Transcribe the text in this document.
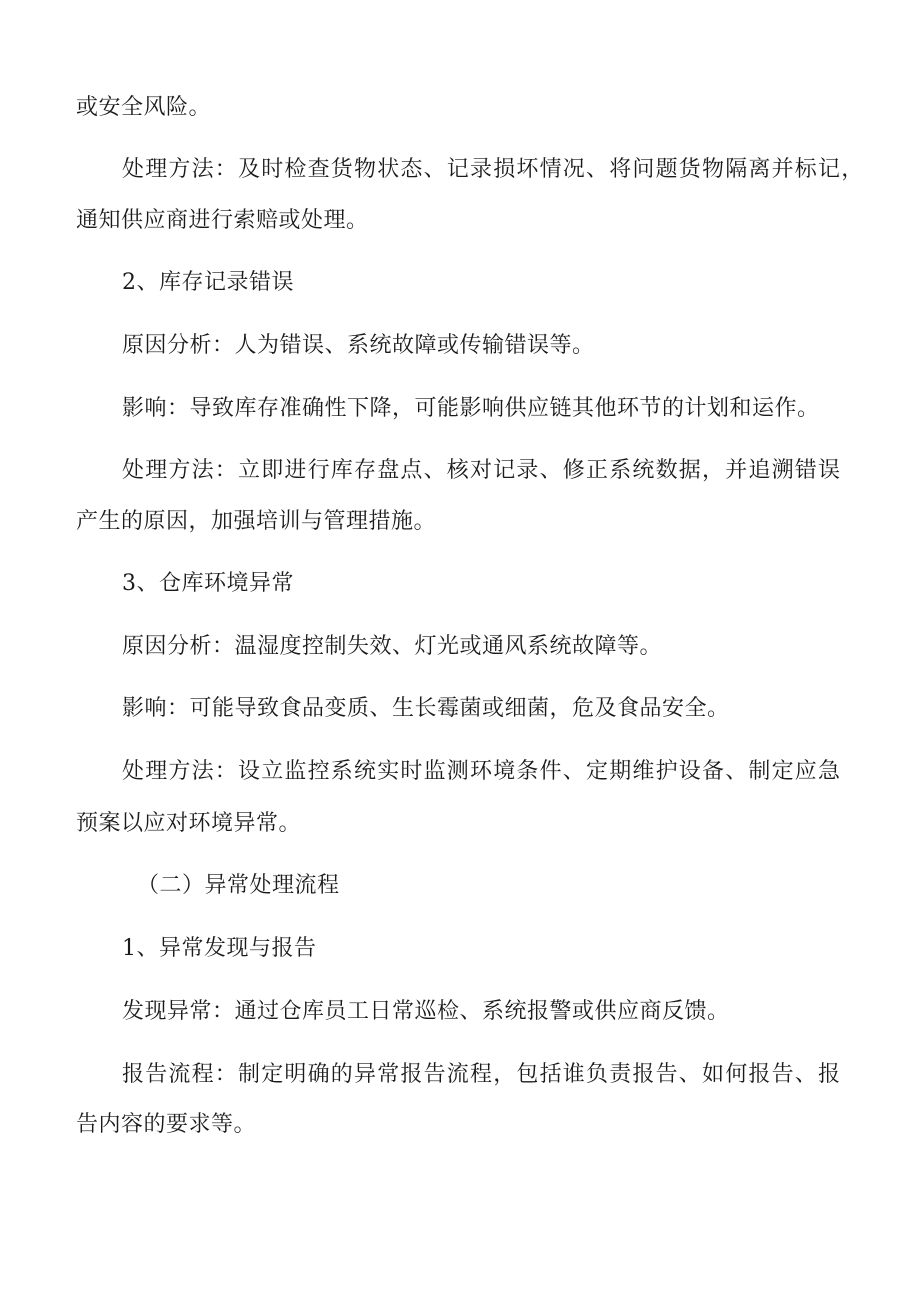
或安全风险。
处理方法：及时检查货物状态、记录损坏情况、将问题货物隔离并标记，
通知供应商进行索赔或处理。
2、库存记录错误
原因分析：人为错误、系统故障或传输错误等。
影响：导致库存准确性下降，可能影响供应链其他环节的计划和运作。
处理方法：立即进行库存盘点、核对记录、修正系统数据，并追溯错误
产生的原因，加强培训与管理措施。
3、仓库环境异常
原因分析：温湿度控制失效、灯光或通风系统故障等。
影响：可能导致食品变质、生长霉菌或细菌，危及食品安全。
处理方法：设立监控系统实时监测环境条件、定期维护设备、制定应急
预案以应对环境异常。
（二）异常处理流程
1、异常发现与报告
发现异常：通过仓库员工日常巡检、系统报警或供应商反馈。
报告流程：制定明确的异常报告流程，包括谁负责报告、如何报告、报
告内容的要求等。
